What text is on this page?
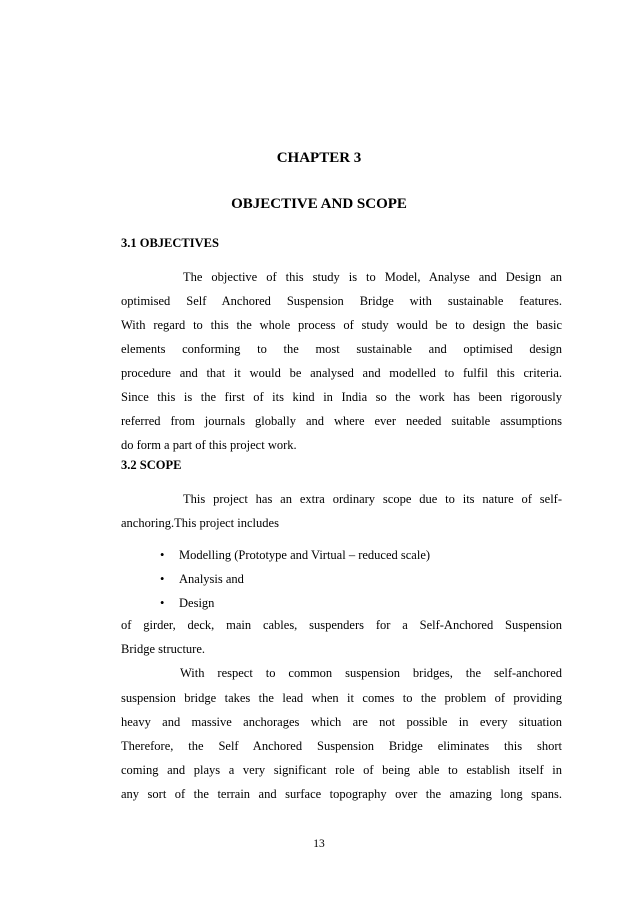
CHAPTER 3
OBJECTIVE AND SCOPE
3.1 OBJECTIVES
The objective of this study is to Model, Analyse and Design an
optimised Self Anchored Suspension Bridge with sustainable features.
With regard to this the whole process of study would be to design the basic
elements conforming to the most sustainable and optimised design
procedure and that it would be analysed and modelled to fulfil this criteria.
Since this is the first of its kind in India so the work has been rigorously
referred from journals globally and where ever needed suitable assumptions
do form a part of this project work.
3.2 SCOPE
This project has an extra ordinary scope due to its nature of self-
anchoring.This project includes
• Modelling (Prototype and Virtual – reduced scale)
• Analysis and
• Design
of girder, deck, main cables, suspenders for a Self-Anchored Suspension
Bridge structure.
With respect to common suspension bridges, the self-anchored
suspension bridge takes the lead when it comes to the problem of providing
heavy and massive anchorages which are not possible in every situation
Therefore, the Self Anchored Suspension Bridge eliminates this short
coming and plays a very significant role of being able to establish itself in
any sort of the terrain and surface topography over the amazing long spans.
13
